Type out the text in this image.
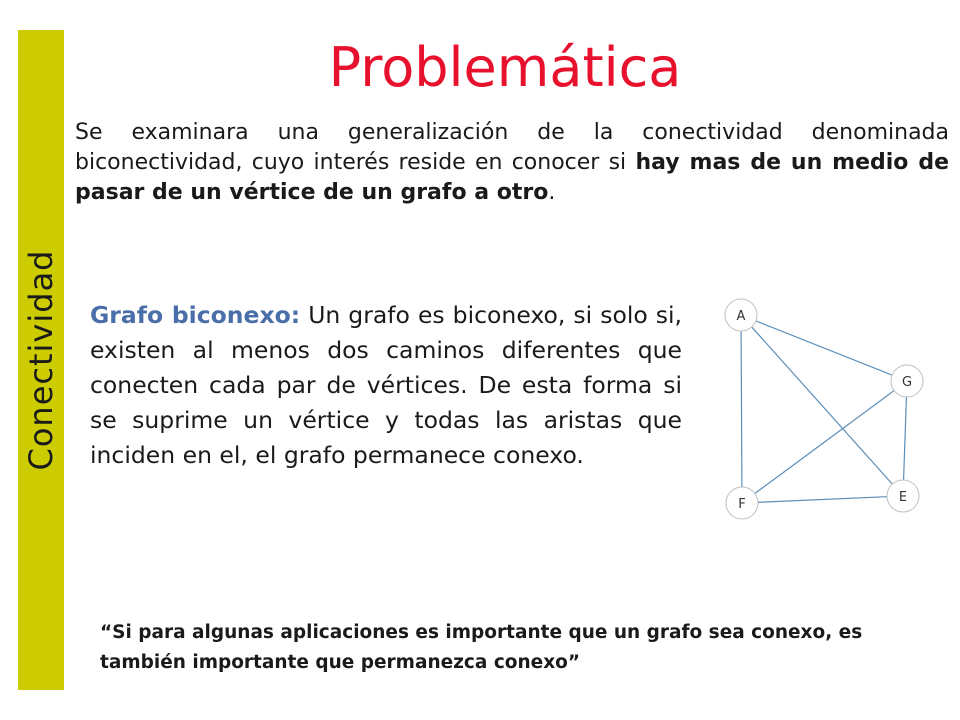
Conectividad
Problemática

Se examinara una generalización de la conectividad denominada biconectividad, cuyo interés reside en conocer si hay mas de un medio de pasar de un vértice de un grafo a otro.

Grafo biconexo: Un grafo es biconexo, si solo si, existen al menos dos caminos diferentes que conecten cada par de vértices. De esta forma si se suprime un vértice y todas las aristas que inciden en el, el grafo permanece conexo.

A
G
E
F

“Si para algunas aplicaciones es importante que un grafo sea conexo, es también importante que permanezca conexo”
